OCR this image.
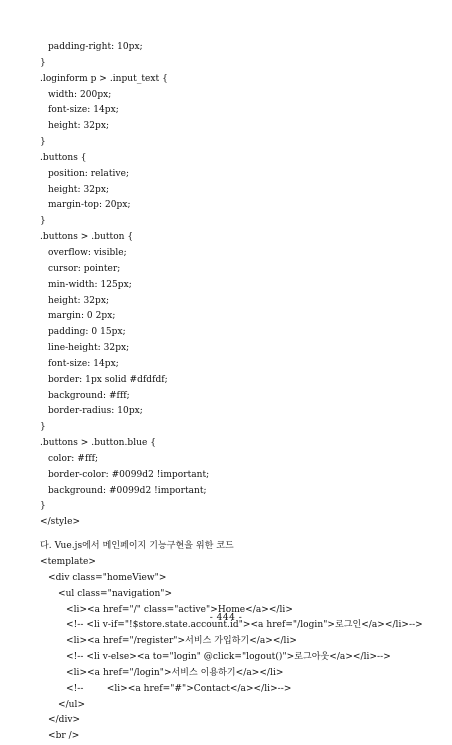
padding-right: 10px;
}
.loginform p > .input_text {
width: 200px;
font-size: 14px;
height: 32px;
}
.buttons {
position: relative;
height: 32px;
margin-top: 20px;
}
.buttons > .button {
overflow: visible;
cursor: pointer;
min-width: 125px;
height: 32px;
margin: 0 2px;
padding: 0 15px;
line-height: 32px;
font-size: 14px;
border: 1px solid #dfdfdf;
background: #fff;
border-radius: 10px;
}
.buttons > .button.blue {
color: #fff;
border-color: #0099d2 !important;
background: #0099d2 !important;
}
</style>
다. Vue.js에서 메인페이지 기능구현을 위한 코드
<template>
<div class="homeView">
<ul class="navigation">
<li><a href="/" class="active">Home</a></li>
<!-- <li v-if="!$store.state.account.id"><a href="/login">로그인</a></li>-->
<li><a href="/register">서비스 가입하기</a></li>
<!-- <li v-else><a to="login" @click="logout()">로그아웃</a></li>-->
<li><a href="/login">서비스 이용하기</a></li>
<!--        <li><a href="#">Contact</a></li>-->
</ul>
</div>
<br />
- 444 -
